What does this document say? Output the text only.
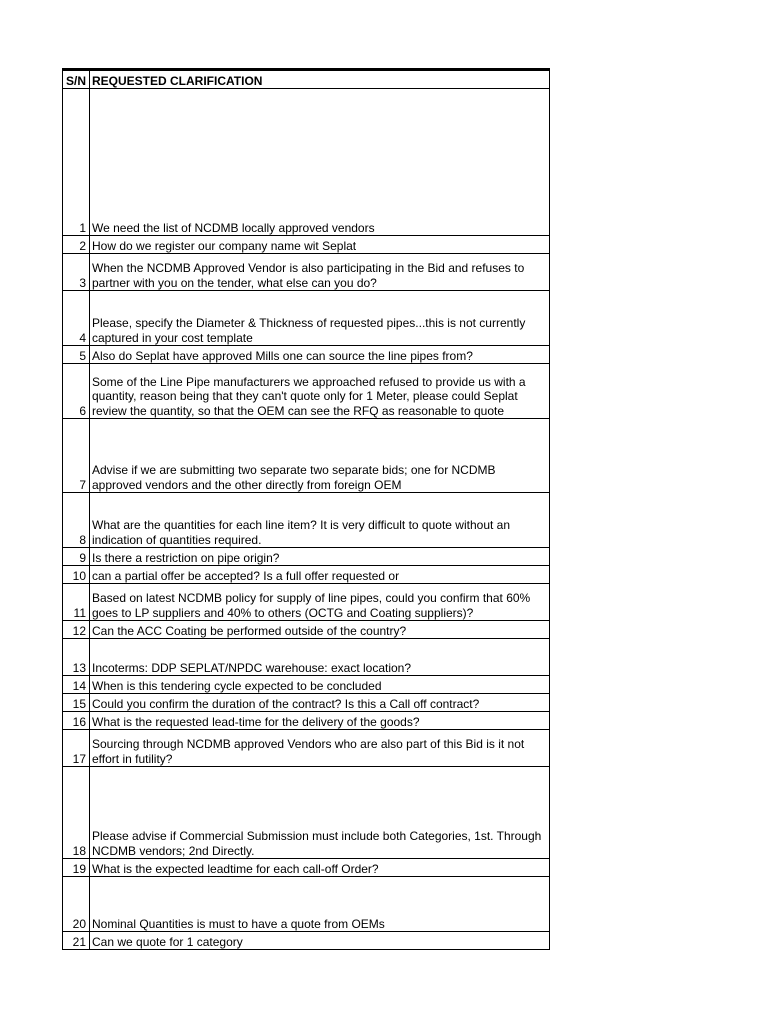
S/N	REQUESTED CLARIFICATION
1	We need the list of NCDMB locally approved vendors
2	How do we register our company name wit Seplat
3	When the NCDMB Approved Vendor is also participating in the Bid and refuses to partner with you on the tender, what else can you do?
4	Please, specify the Diameter & Thickness of requested pipes...this is not currently captured in your cost template
5	Also do Seplat have approved Mills one can source the line pipes from?
6	Some of the Line Pipe manufacturers we approached refused to provide us with a quantity, reason being that they can't quote only for 1 Meter, please could Seplat review the quantity, so that the OEM can see the RFQ as reasonable to quote
7	Advise if we are submitting two separate two separate bids; one for NCDMB approved vendors and the other directly from foreign OEM
8	What are the quantities for each line item? It is very difficult to quote without an indication of quantities required.
9	Is there a restriction on pipe origin?
10	can a partial offer be accepted? Is a full offer requested or
11	Based on latest NCDMB policy for supply of line pipes, could you confirm that 60% goes to LP suppliers and 40% to others (OCTG and Coating suppliers)?
12	Can the ACC Coating be performed outside of the country?
13	Incoterms: DDP SEPLAT/NPDC warehouse: exact location?
14	When is this tendering cycle expected to be concluded
15	Could you confirm the duration of the contract? Is this a Call off contract?
16	What is the requested lead-time for the delivery of the goods?
17	Sourcing through NCDMB approved Vendors who are also part of this Bid is it not effort in futility?
18	Please advise if Commercial Submission must include both Categories, 1st. Through NCDMB vendors; 2nd Directly.
19	What is the expected leadtime for each call-off Order?
20	Nominal Quantities is must to have a quote from OEMs
21	Can we quote for 1 category
